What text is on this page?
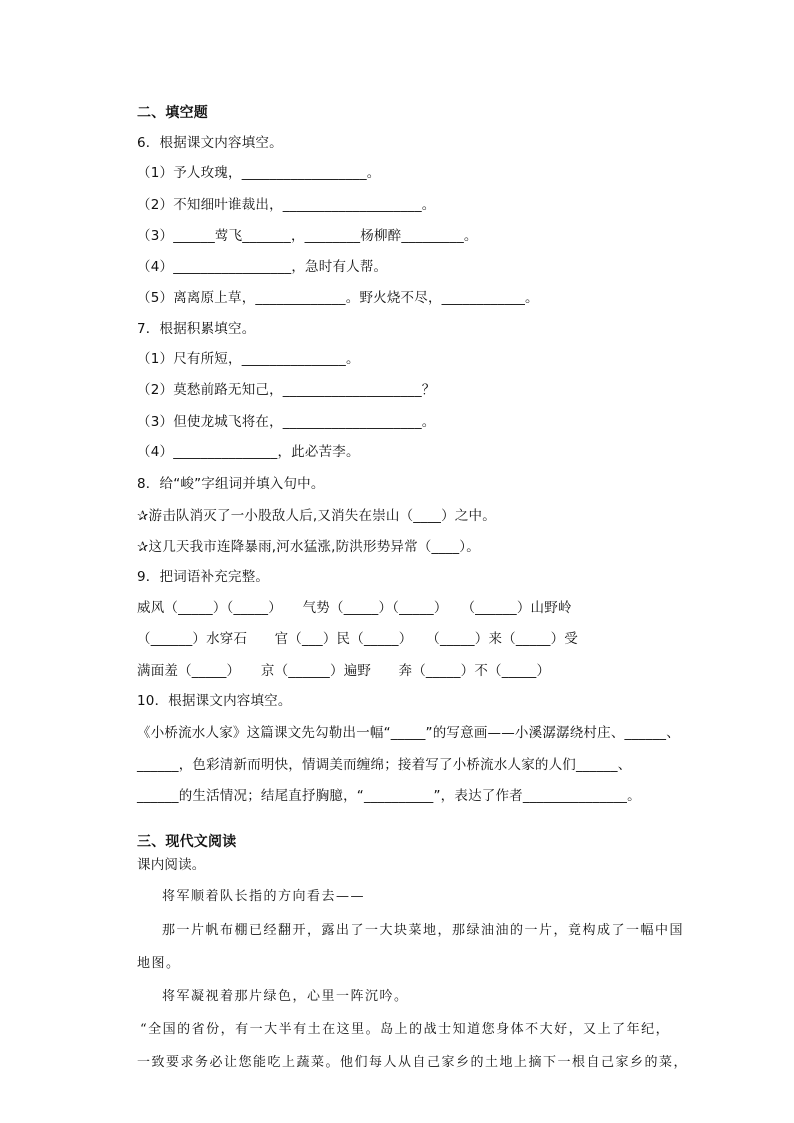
二、填空题
6．根据课文内容填空。
（1）予人玫瑰，__________________。
（2）不知细叶谁裁出，____________________。
（3）______莺飞_______，________杨柳醉_________。
（4）_________________，急时有人帮。
（5）离离原上草，_____________。野火烧不尽，____________。
7．根据积累填空。
（1）尺有所短，_______________。
（2）莫愁前路无知己，____________________？
（3）但使龙城飞将在，____________________。
（4）_______________，此必苦李。
8．给“峻”字组词并填入句中。
✰游击队消灭了一小股敌人后,又消失在崇山（____）之中。
✰这几天我市连降暴雨,河水猛涨,防洪形势异常（____）。
9．把词语补充完整。
威风（_____）（_____）　　气势（_____）（_____）　　（______）山野岭
（______）水穿石　　官（___）民（_____）　　（_____）来（_____）受
满面羞（_____）　　京（______）遍野　　奔（_____）不（_____）
10．根据课文内容填空。
《小桥流水人家》这篇课文先勾勒出一幅“_____”的写意画——小溪潺潺绕村庄、______、
______，色彩清新而明快，情调美而缠绵；接着写了小桥流水人家的人们______、
______的生活情况；结尾直抒胸臆，“__________”，表达了作者_______________。
三、现代文阅读
课内阅读。
将军顺着队长指的方向看去——
那一片帆布棚已经翻开，露出了一大块菜地，那绿油油的一片，竟构成了一幅中国
地图。
将军凝视着那片绿色，心里一阵沉吟。
“全国的省份，有一大半有土在这里。岛上的战士知道您身体不大好，又上了年纪，
一致要求务必让您能吃上蔬菜。他们每人从自己家乡的土地上摘下一根自己家乡的菜，
